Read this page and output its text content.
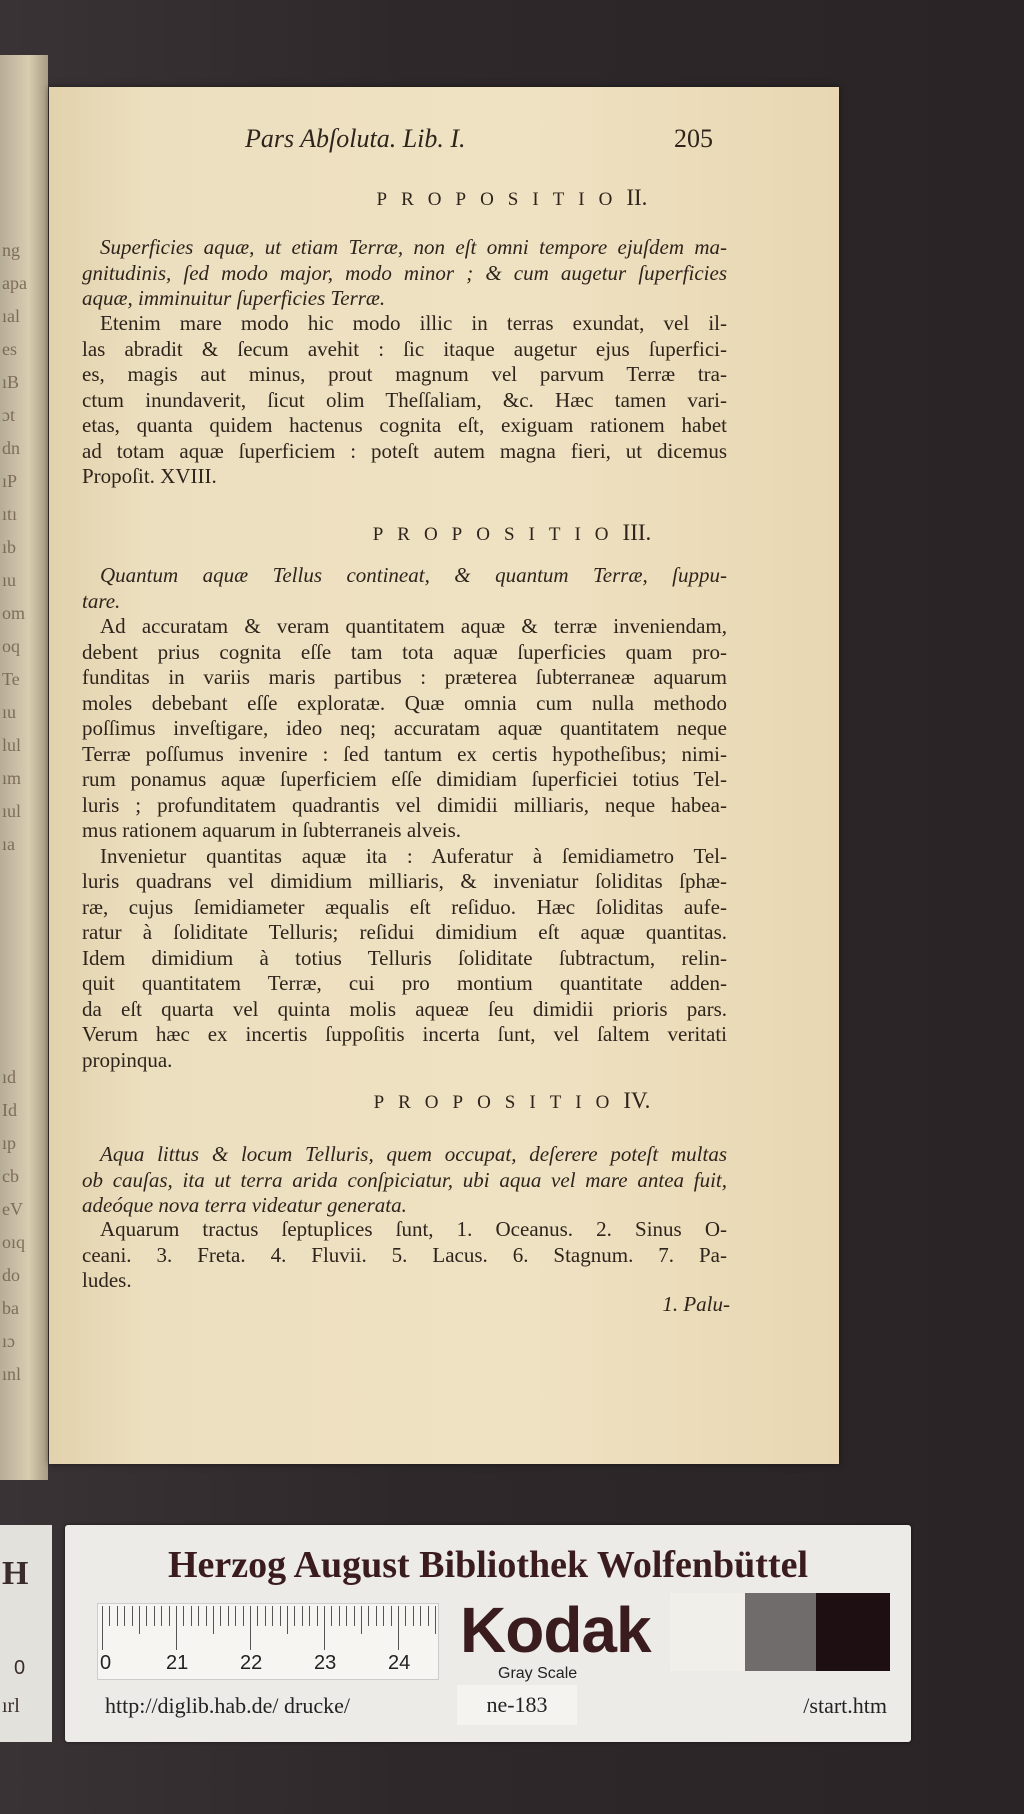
ng
apa
ıal
es
ıB
ɔt
dn
ıP
ıtı
ıb
ıu
om
oq
Te
ıu
lul
ım
ıul
ıa
ıd
Id
ıp
cb
eV
oıq
do
ba
ıɔ
ınl
Pars Abſoluta. Lib. I.	205
PROPOSITIOII.
Superficies aquæ, ut etiam Terræ, non eſt omni tempore ejuſdem ma-
gnitudinis, ſed modo major, modo minor ; & cum augetur ſuperficies
aquæ, imminuitur ſuperficies Terræ.
Etenim mare modo hic modo illic in terras exundat, vel il-
las abradit & ſecum avehit : ſic itaque augetur ejus ſuperfici-
es, magis aut minus, prout magnum vel parvum Terræ tra-
ctum inundaverit, ſicut olim Theſſaliam, &c. Hæc tamen vari-
etas, quanta quidem hactenus cognita eſt, exiguam rationem habet
ad totam aquæ ſuperficiem : poteſt autem magna fieri, ut dicemus
Propoſit. XVIII.
PROPOSITIOIII.
Quantum aquæ Tellus contineat, & quantum Terræ, ſuppu-
tare.
Ad accuratam & veram quantitatem aquæ & terræ inveniendam,
debent prius cognita eſſe tam tota aquæ ſuperficies quam pro-
funditas in variis maris partibus : præterea ſubterraneæ aquarum
moles debebant eſſe exploratæ. Quæ omnia cum nulla methodo
poſſimus inveſtigare, ideo neq; accuratam aquæ quantitatem neque
Terræ poſſumus invenire : ſed tantum ex certis hypotheſibus; nimi-
rum ponamus aquæ ſuperficiem eſſe dimidiam ſuperficiei totius Tel-
luris ; profunditatem quadrantis vel dimidii milliaris, neque habea-
mus rationem aquarum in ſubterraneis alveis.
Invenietur quantitas aquæ ita : Auferatur à ſemidiametro Tel-
luris quadrans vel dimidium milliaris, & inveniatur ſoliditas ſphæ-
ræ, cujus ſemidiameter æqualis eſt reſiduo. Hæc ſoliditas aufe-
ratur à ſoliditate Telluris; reſidui dimidium eſt aquæ quantitas.
Idem dimidium à totius Telluris ſoliditate ſubtractum, relin-
quit quantitatem Terræ, cui pro montium quantitate adden-
da eſt quarta vel quinta molis aqueæ ſeu dimidii prioris pars.
Verum hæc ex incertis ſuppoſitis incerta ſunt, vel ſaltem veritati
propinqua.
PROPOSITIOIV.
Aqua littus & locum Telluris, quem occupat, deſerere poteſt multas
ob cauſas, ita ut terra arida conſpiciatur, ubi aqua vel mare antea fuit,
adeóque nova terra videatur generata.
Aquarum tractus ſeptuplices ſunt, 1. Oceanus. 2. Sinus O-
ceani. 3. Freta. 4. Fluvii. 5. Lacus. 6. Stagnum. 7. Pa-
ludes.
1. Palu-
H
0
ırl
Herzog August Bibliothek Wolfenbüttel
0	21	22	23	24 Kodak
Gray Scale
http://diglib.hab.de/ drucke/	ne-183	/start.htm
